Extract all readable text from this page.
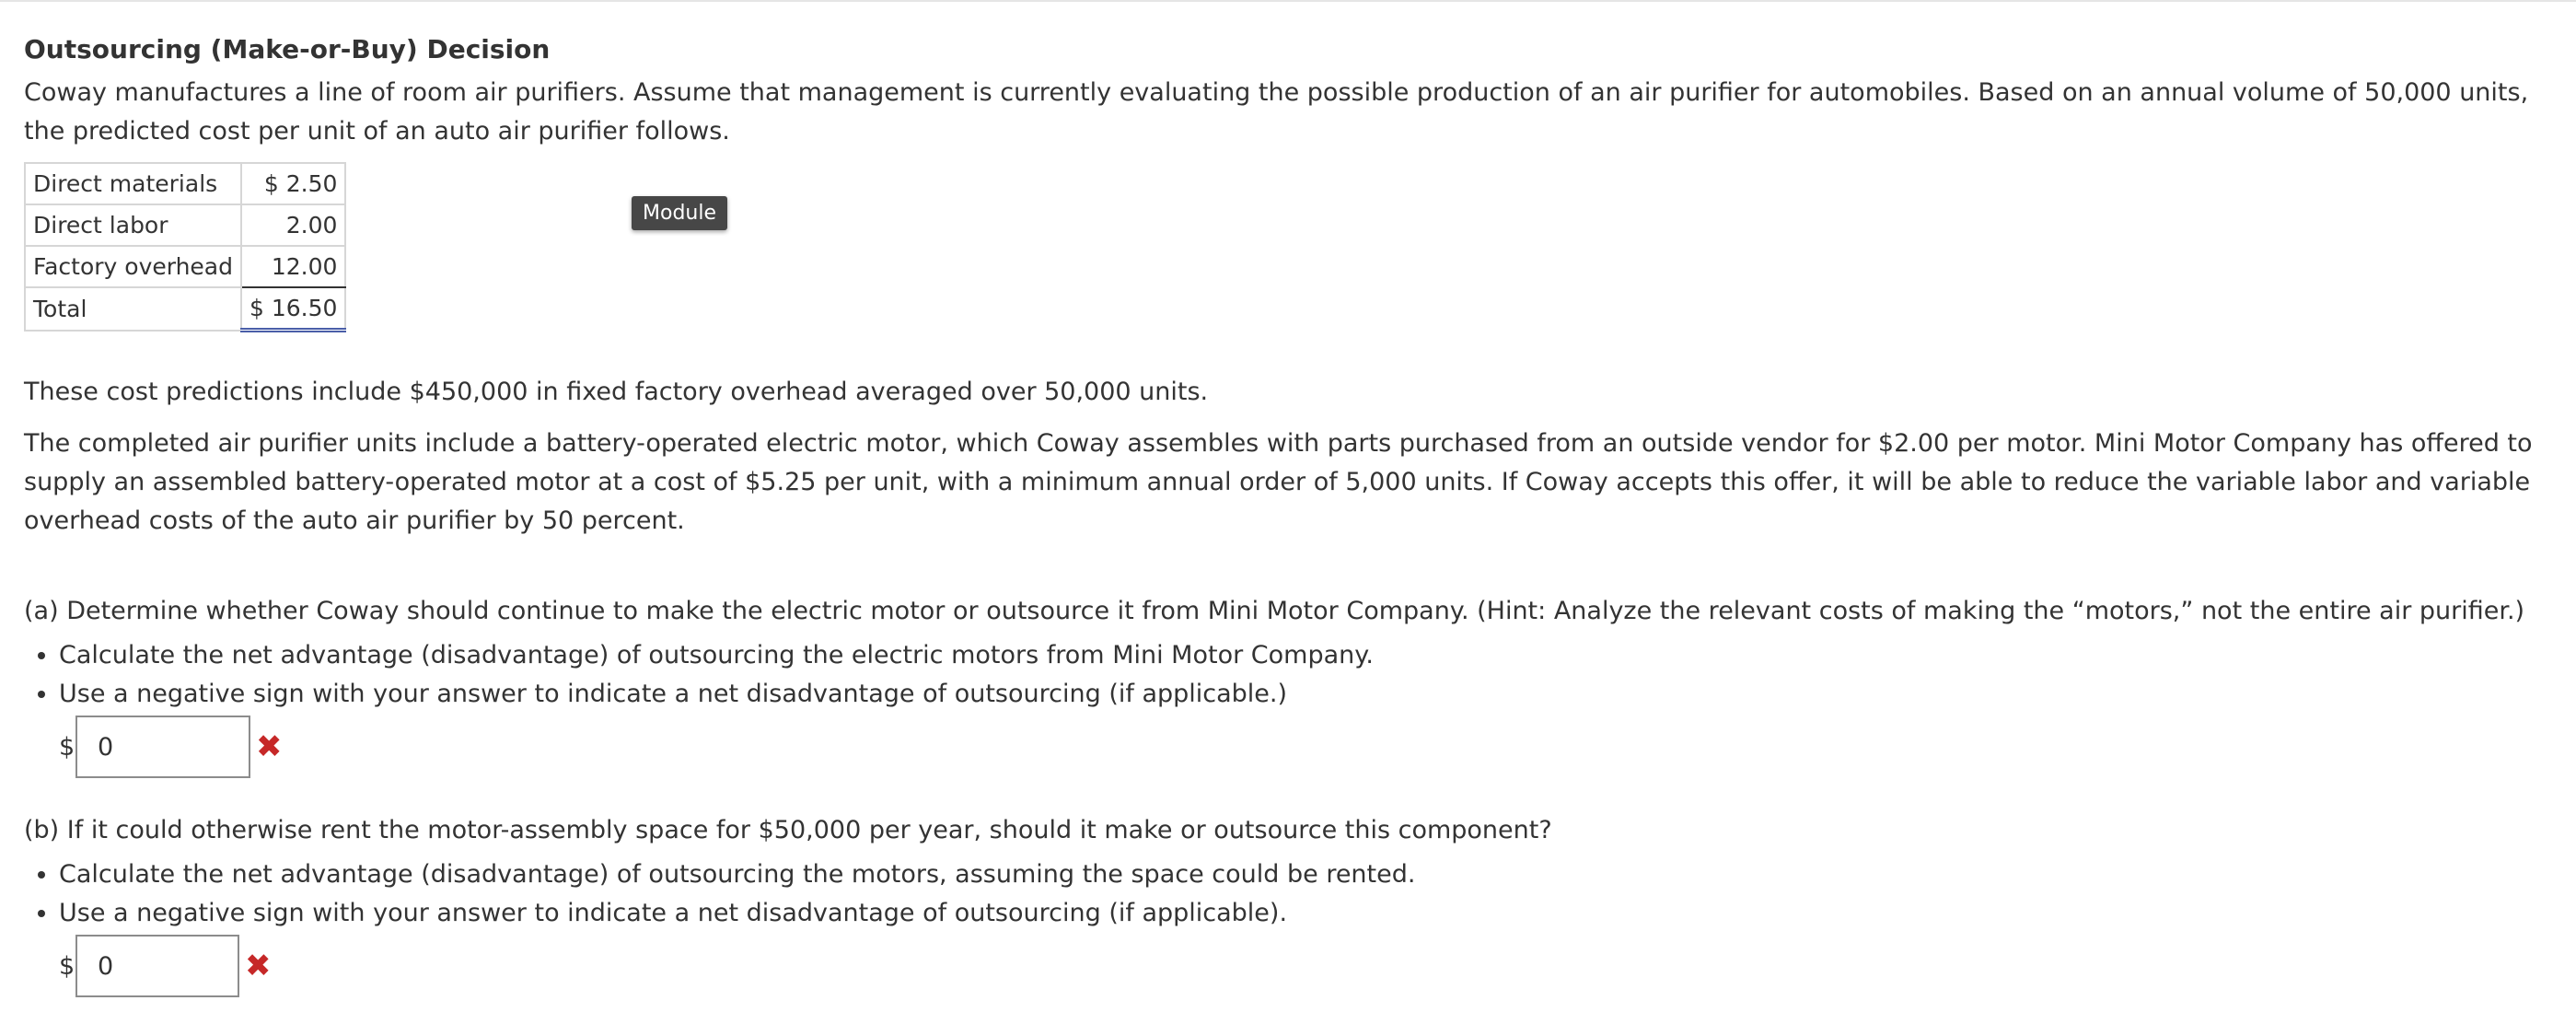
Outsourcing (Make-or-Buy) Decision

Coway manufactures a line of room air purifiers. Assume that management is currently evaluating the possible production of an air purifier for automobiles. Based on an annual volume of 50,000 units, the predicted cost per unit of an auto air purifier follows.

Direct materials	$ 2.50
Direct labor	2.00
Factory overhead	12.00
Total	$ 16.50

These cost predictions include $450,000 in fixed factory overhead averaged over 50,000 units.

The completed air purifier units include a battery-operated electric motor, which Coway assembles with parts purchased from an outside vendor for $2.00 per motor. Mini Motor Company has offered to supply an assembled battery-operated motor at a cost of $5.25 per unit, with a minimum annual order of 5,000 units. If Coway accepts this offer, it will be able to reduce the variable labor and variable overhead costs of the auto air purifier by 50 percent.

(a) Determine whether Coway should continue to make the electric motor or outsource it from Mini Motor Company. (Hint: Analyze the relevant costs of making the “motors,” not the entire air purifier.)

• Calculate the net advantage (disadvantage) of outsourcing the electric motors from Mini Motor Company.
• Use a negative sign with your answer to indicate a net disadvantage of outsourcing (if applicable.)
$
0	✖

(b) If it could otherwise rent the motor-assembly space for $50,000 per year, should it make or outsource this component?

• Calculate the net advantage (disadvantage) of outsourcing the motors, assuming the space could be rented.
• Use a negative sign with your answer to indicate a net disadvantage of outsourcing (if applicable).
$
0	✖
Module
